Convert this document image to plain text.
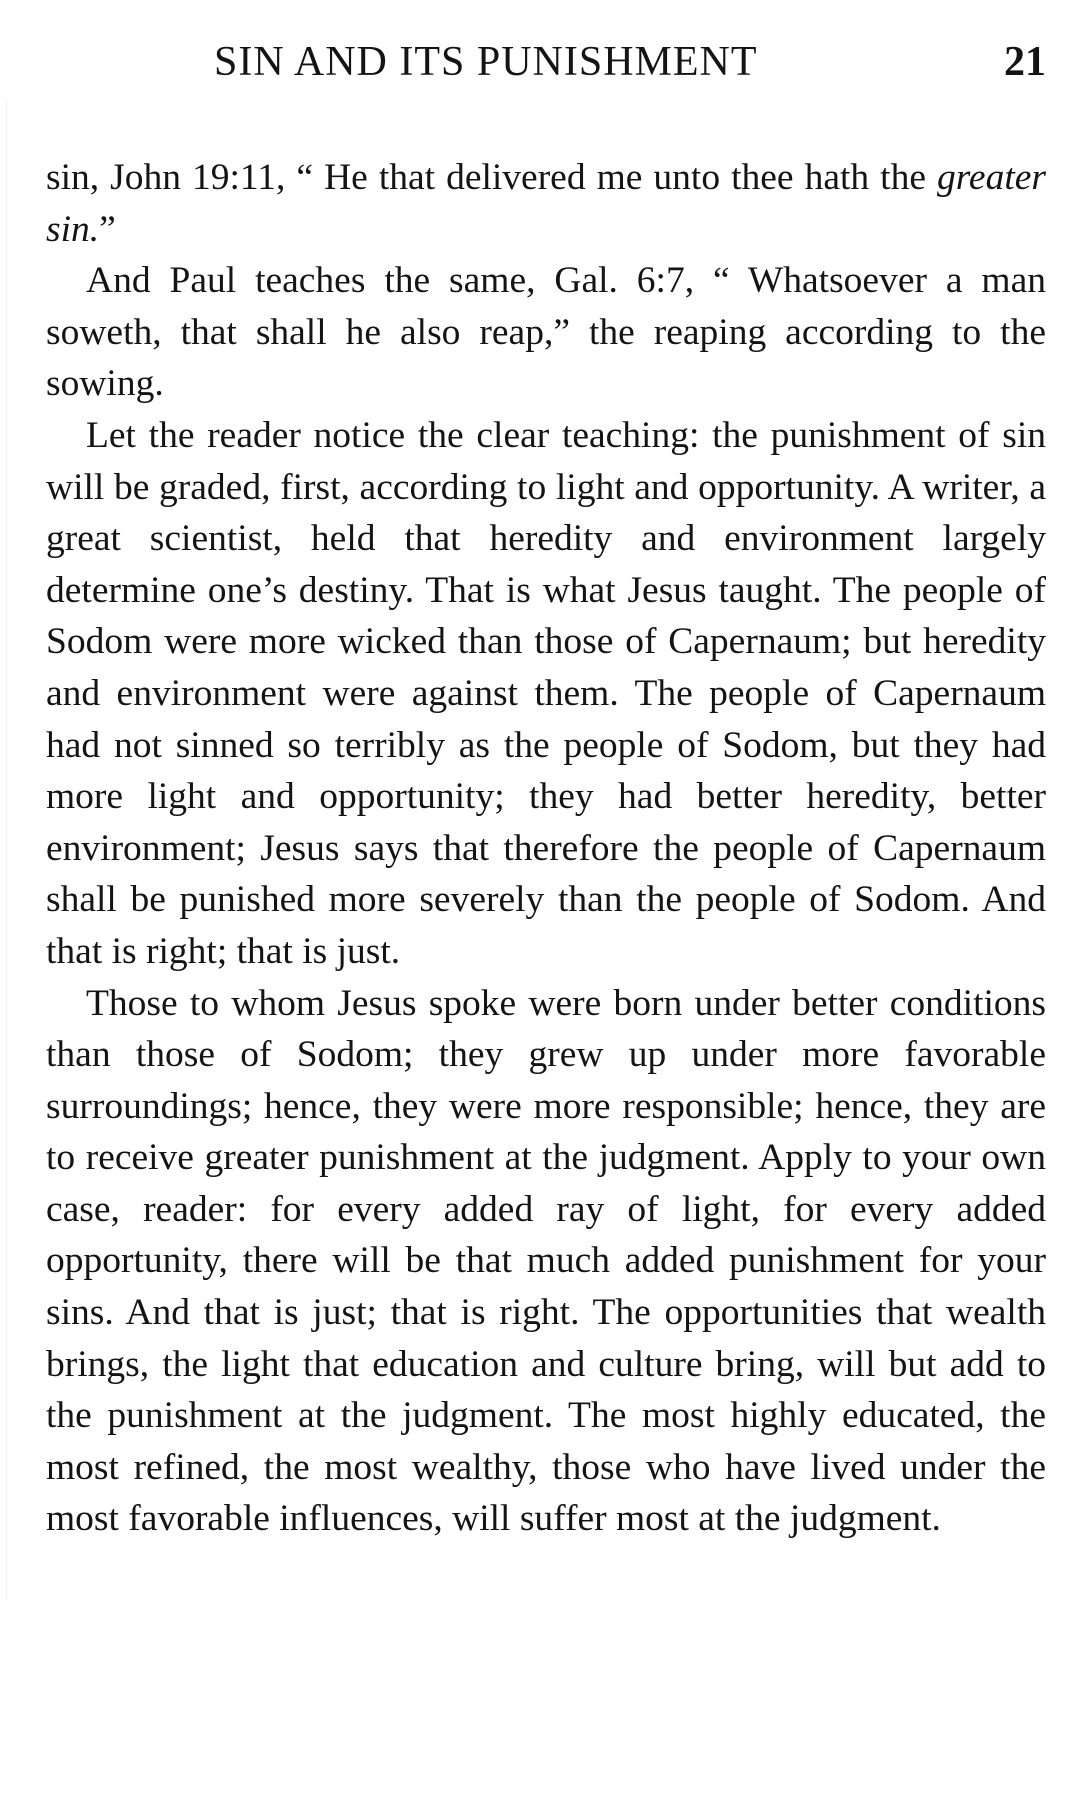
SIN AND ITS PUNISHMENT	21

sin, John 19:11, “ He that delivered me unto thee hath the greater sin.”

And Paul teaches the same, Gal. 6:7, “ Whatsoever a man soweth, that shall he also reap,” the reaping according to the sowing.

Let the reader notice the clear teaching: the punishment of sin will be graded, first, according to light and opportunity. A writer, a great scientist, held that heredity and environment largely determine one’s destiny. That is what Jesus taught. The people of Sodom were more wicked than those of Capernaum; but heredity and environment were against them. The people of Capernaum had not sinned so terribly as the people of Sodom, but they had more light and opportunity; they had better heredity, better environment; Jesus says that therefore the people of Capernaum shall be punished more severely than the people of Sodom. And that is right; that is just.

Those to whom Jesus spoke were born under better conditions than those of Sodom; they grew up under more favorable surroundings; hence, they were more responsible; hence, they are to receive greater punishment at the judgment. Apply to your own case, reader: for every added ray of light, for every added opportunity, there will be that much added punishment for your sins. And that is just; that is right. The opportunities that wealth brings, the light that education and culture bring, will but add to the punishment at the judgment. The most highly educated, the most refined, the most wealthy, those who have lived under the most favorable influences, will suffer most at the judgment.
